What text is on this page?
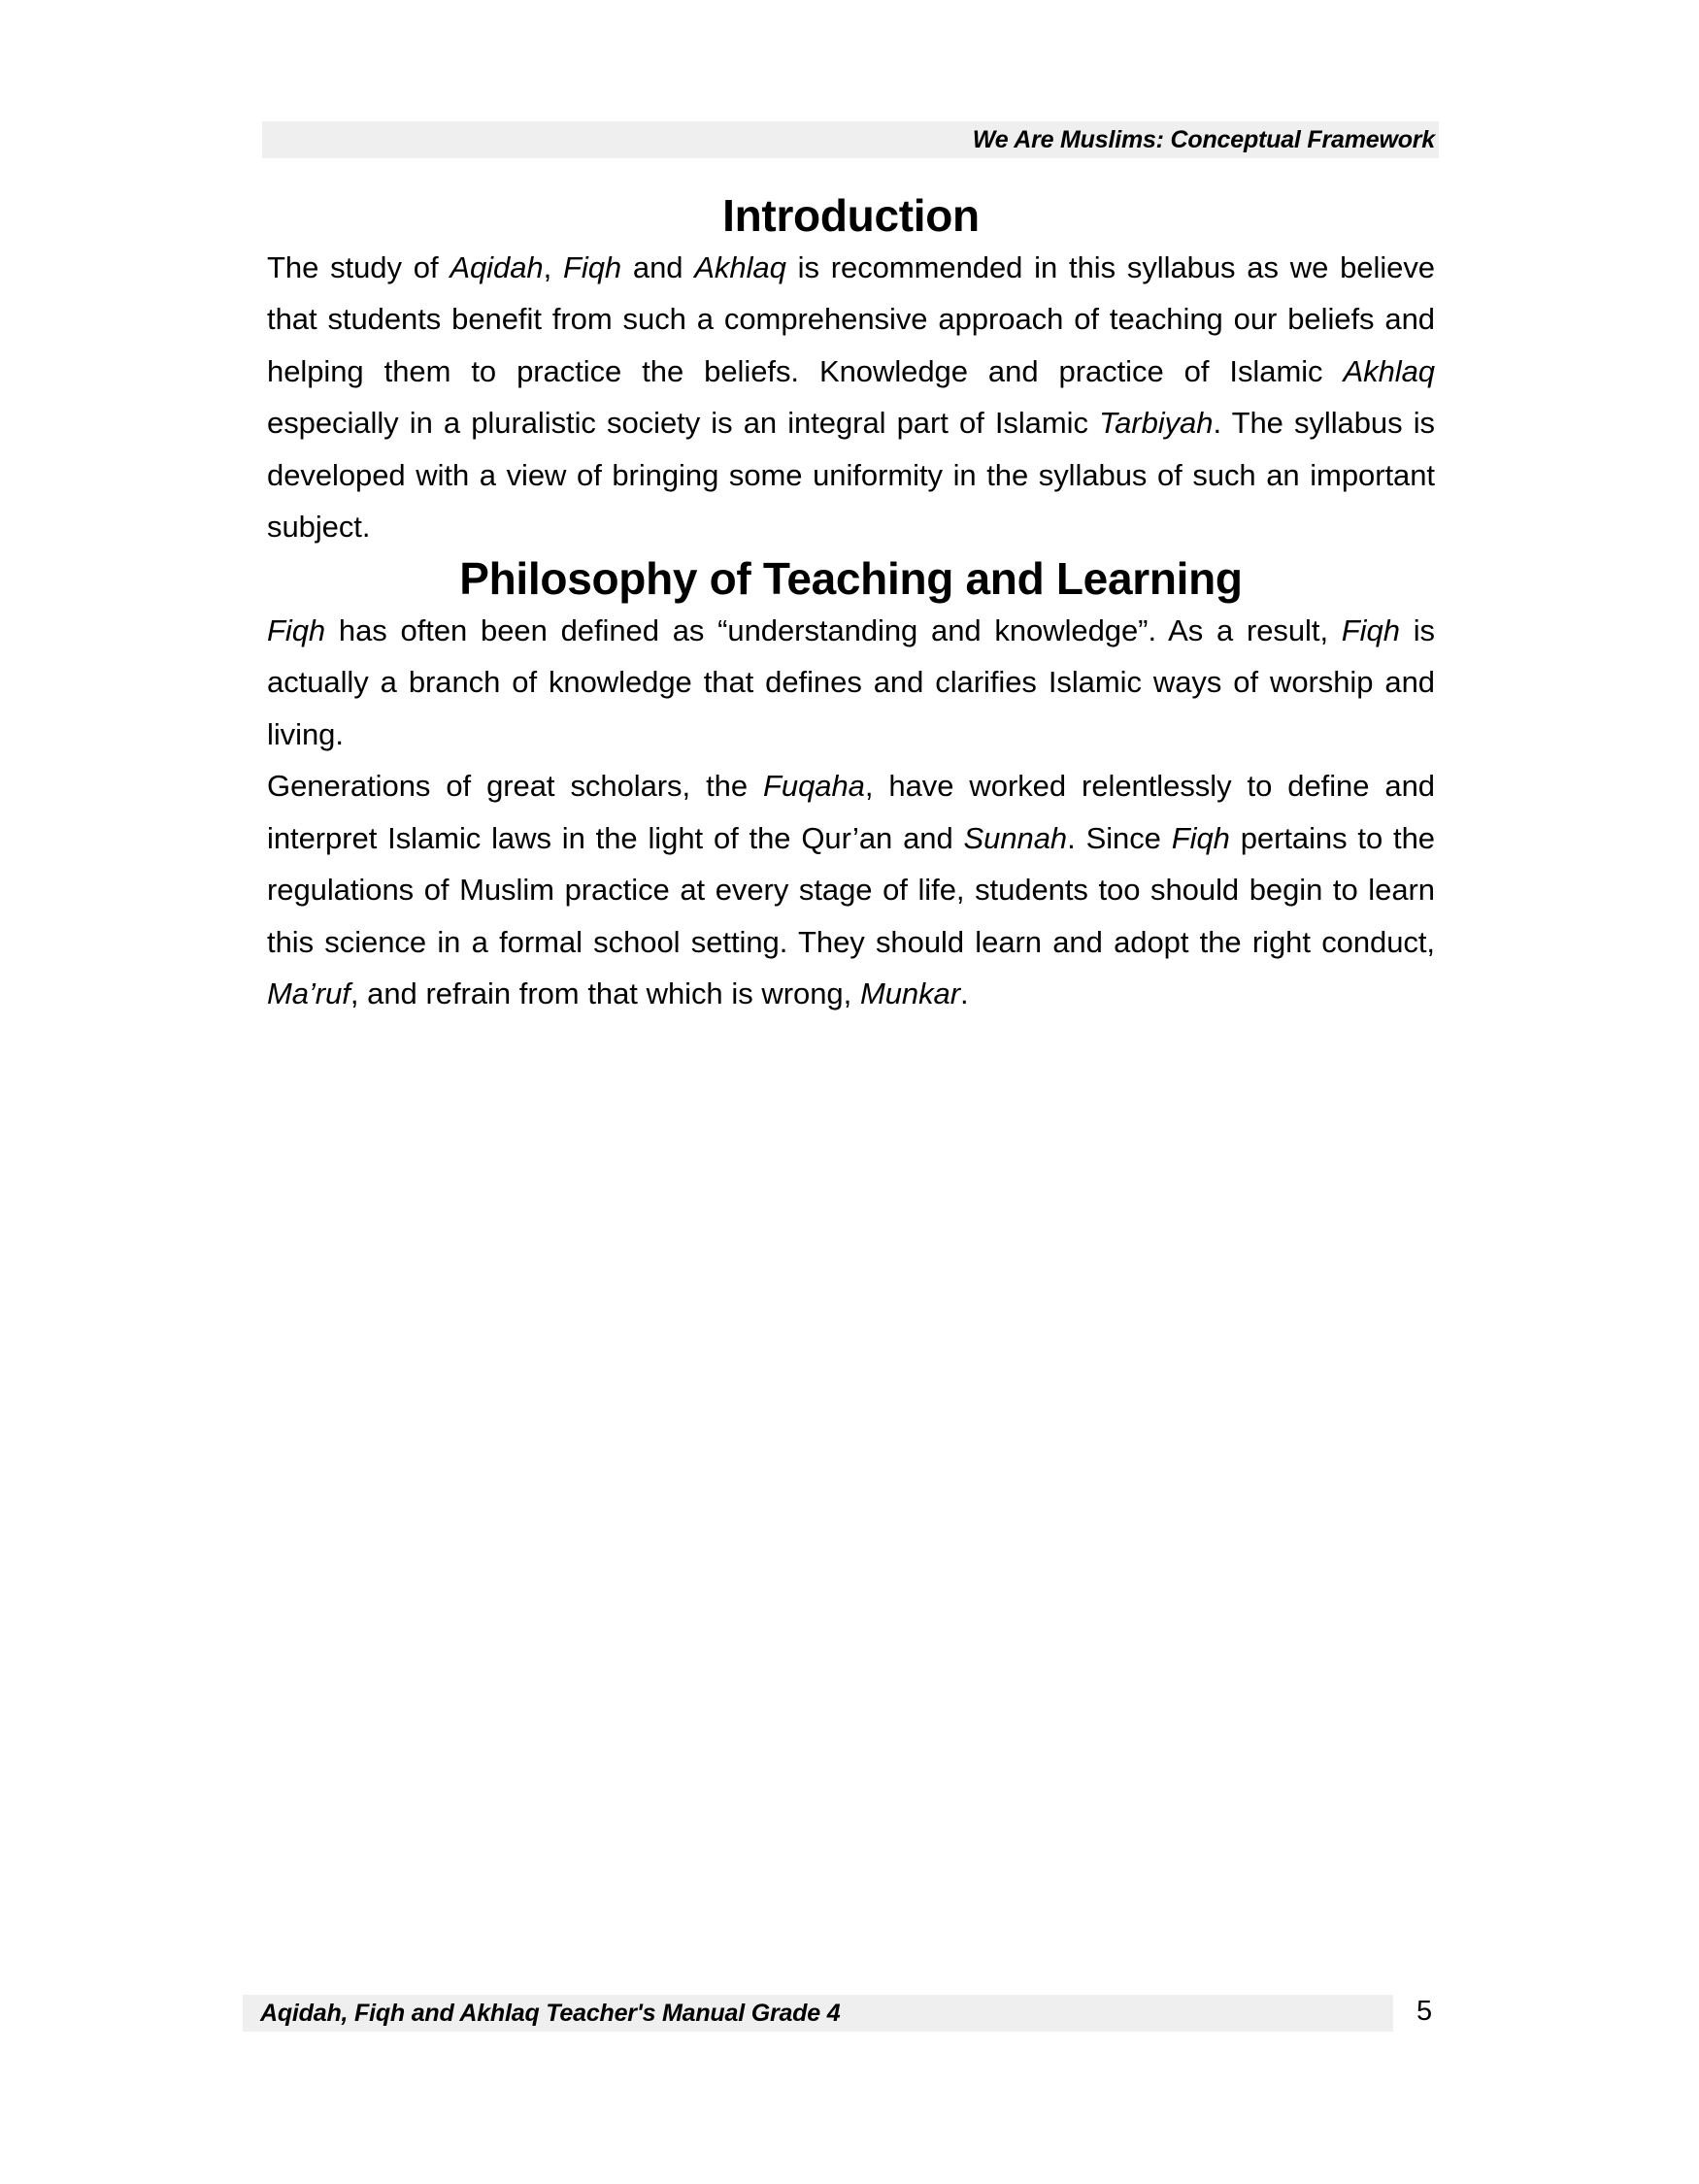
We Are Muslims: Conceptual Framework
Introduction

The study of Aqidah, Fiqh and Akhlaq is recommended in this syllabus as we believe that students benefit from such a comprehensive approach of teaching our beliefs and helping them to practice the beliefs. Knowledge and practice of Islamic Akhlaq especially in a pluralistic society is an integral part of Islamic Tarbiyah. The syllabus is developed with a view of bringing some uniformity in the syllabus of such an important subject.

Philosophy of Teaching and Learning

Fiqh has often been defined as “understanding and knowledge”. As a result, Fiqh is actually a branch of knowledge that defines and clarifies Islamic ways of worship and living.

Generations of great scholars, the Fuqaha, have worked relentlessly to define and interpret Islamic laws in the light of the Qur’an and Sunnah. Since Fiqh pertains to the regulations of Muslim practice at every stage of life, students too should begin to learn this science in a formal school setting. They should learn and adopt the right conduct, Ma’ruf, and refrain from that which is wrong, Munkar.

Aqidah, Fiqh and Akhlaq Teacher's Manual Grade 4	5
